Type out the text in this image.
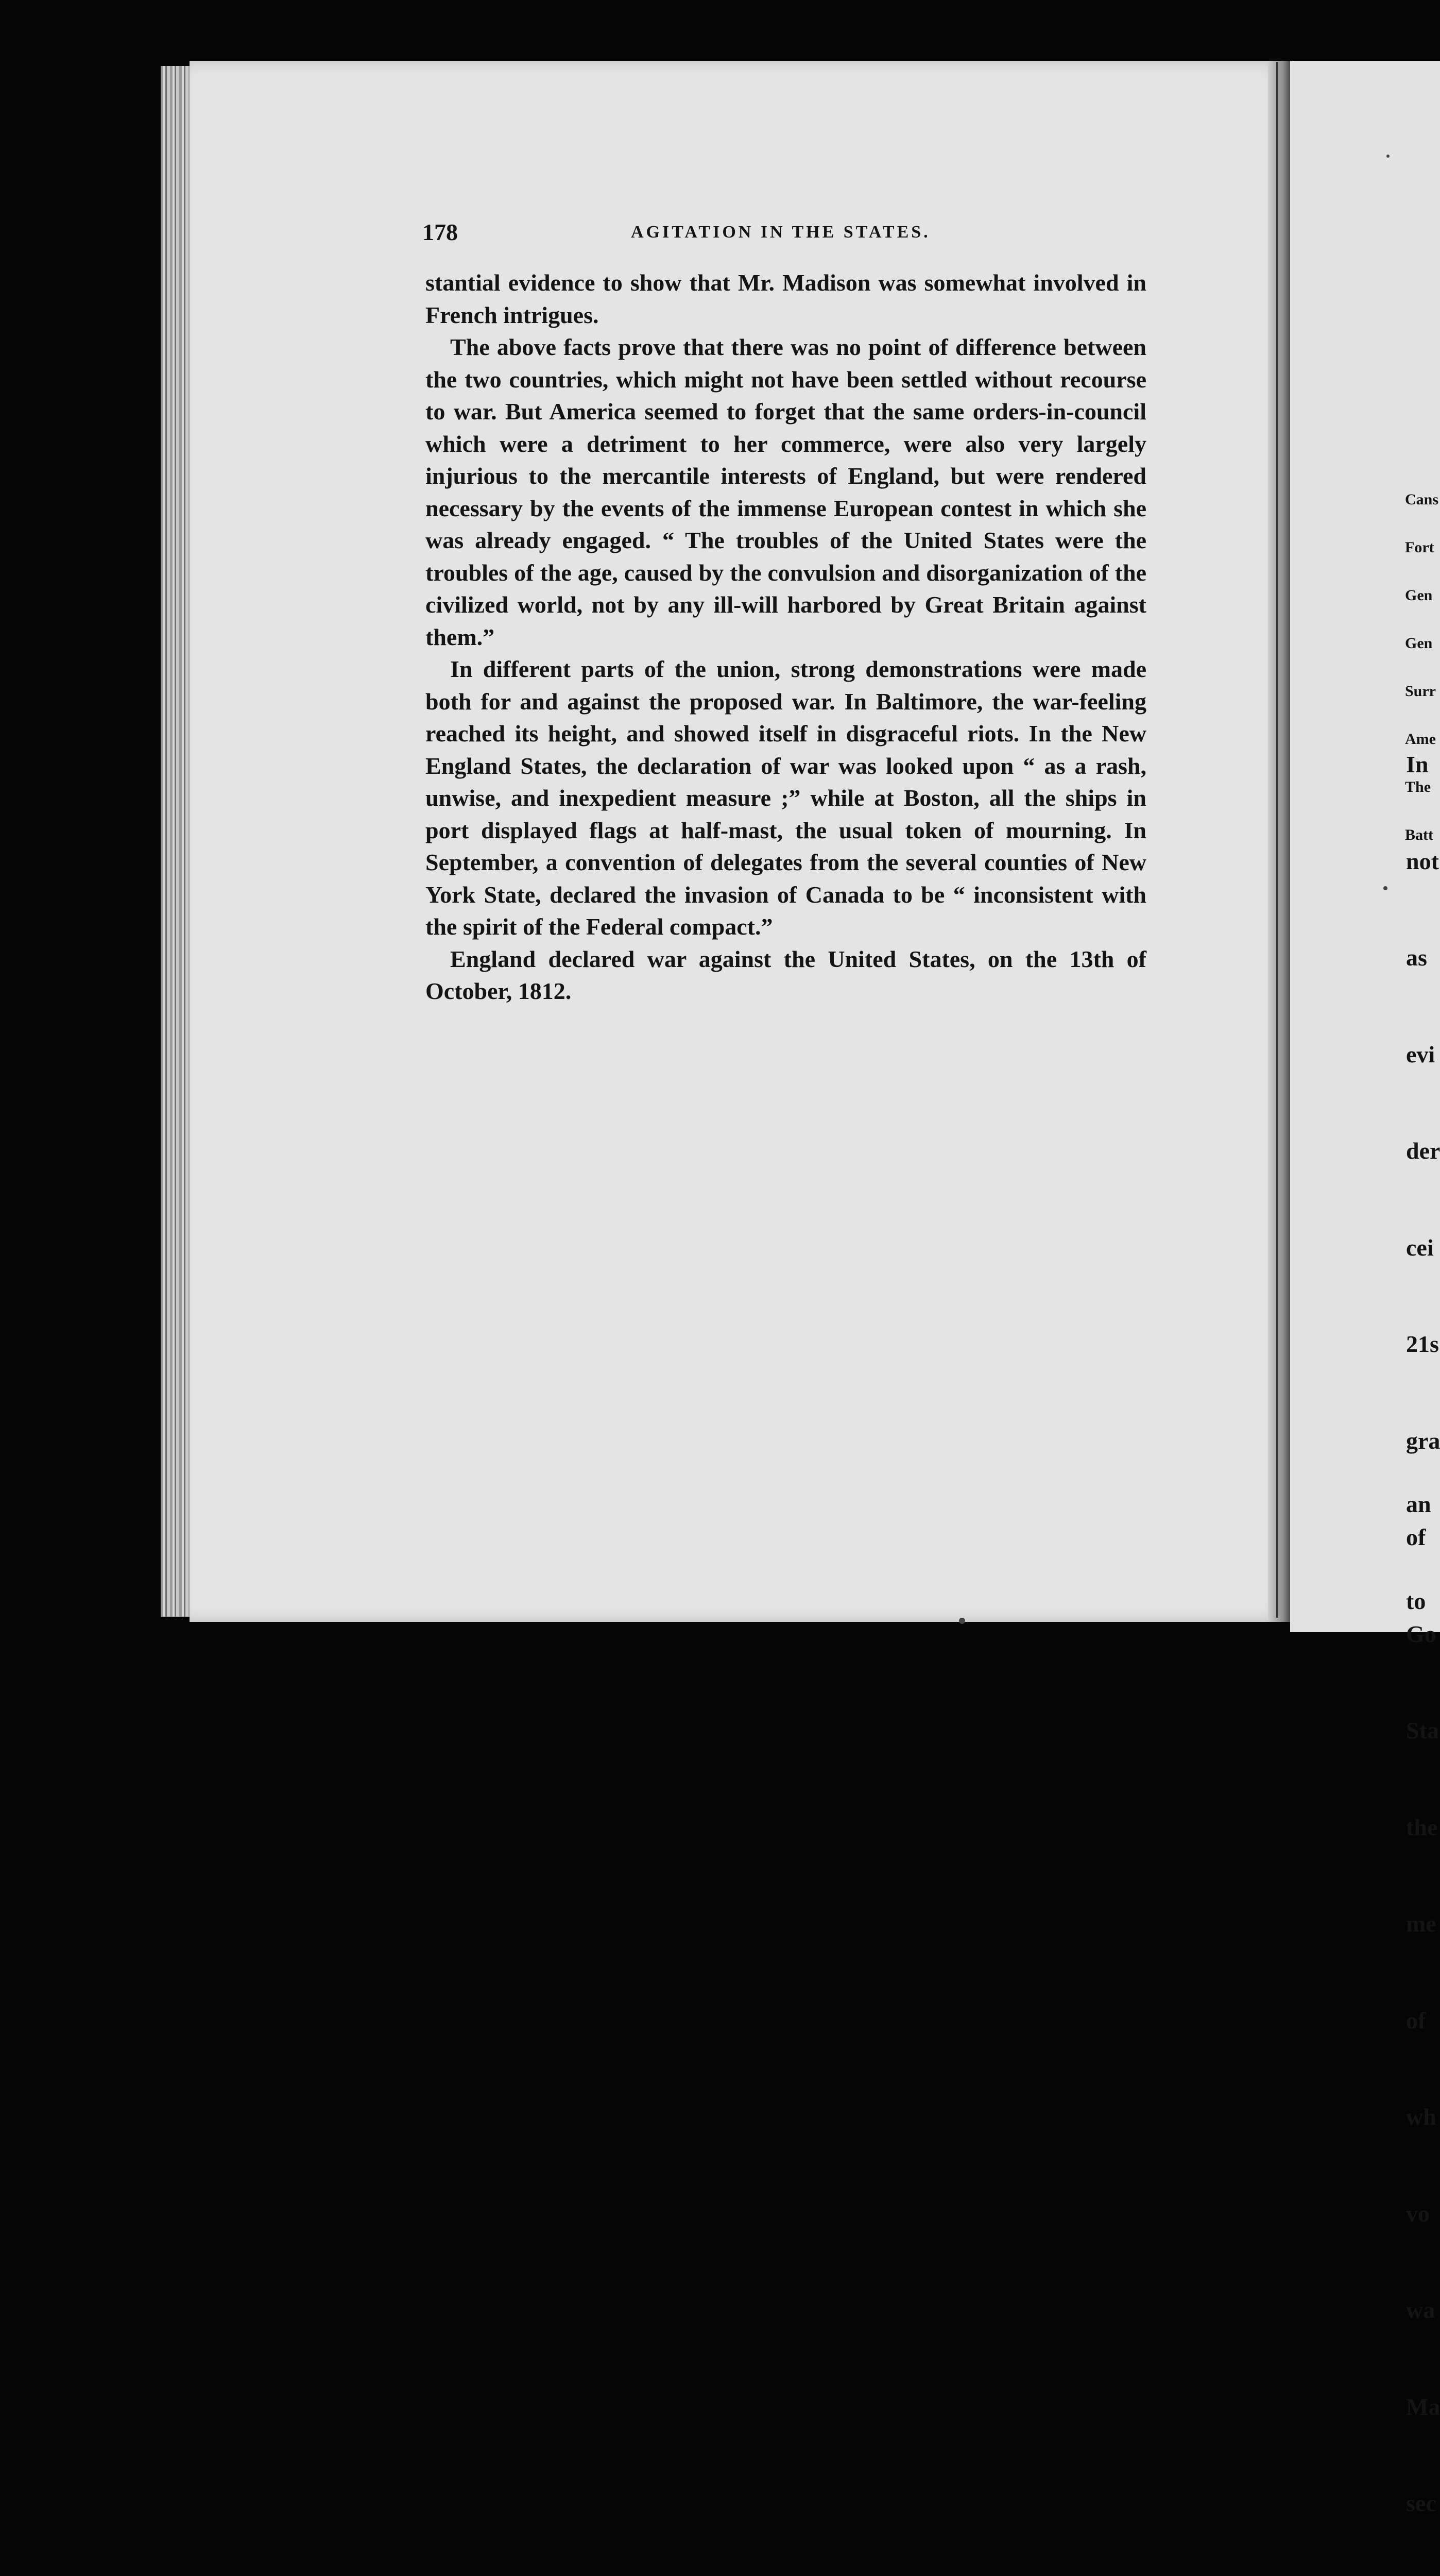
178	AGITATION IN THE STATES.

stantial evidence to show that Mr. Madison was somewhat involved in French intrigues.

The above facts prove that there was no point of difference between the two countries, which might not have been settled without recourse to war. But America seemed to forget that the same orders-in-council which were a detriment to her commerce, were also very largely injurious to the mercantile interests of England, but were rendered necessary by the events of the immense European contest in which she was already engaged. “ The troubles of the United States were the troubles of the age, caused by the convulsion and disorganization of the civilized world, not by any ill-will harbored by Great Britain against them.”

In different parts of the union, strong demonstrations were made both for and against the proposed war. In Baltimore, the war-feeling reached its height, and showed itself in disgraceful riots. In the New England States, the declaration of war was looked upon “ as a rash, unwise, and inexpedient measure ;” while at Boston, all the ships in port displayed flags at half-mast, the usual token of mourning. In September, a convention of delegates from the several counties of New York State, declared the invasion of Canada to be “ inconsistent with the spirit of the Federal compact.”

England declared war against the United States, on the 13th of October, 1812.

Cans

Fort

Gen

Gen

Surr

Ame

The

Batt

In

not

as

evi

der

cei

21s

gra

of

Go

Sta

the

me

of

wh

vo

wa

Ma

sec

an

to
